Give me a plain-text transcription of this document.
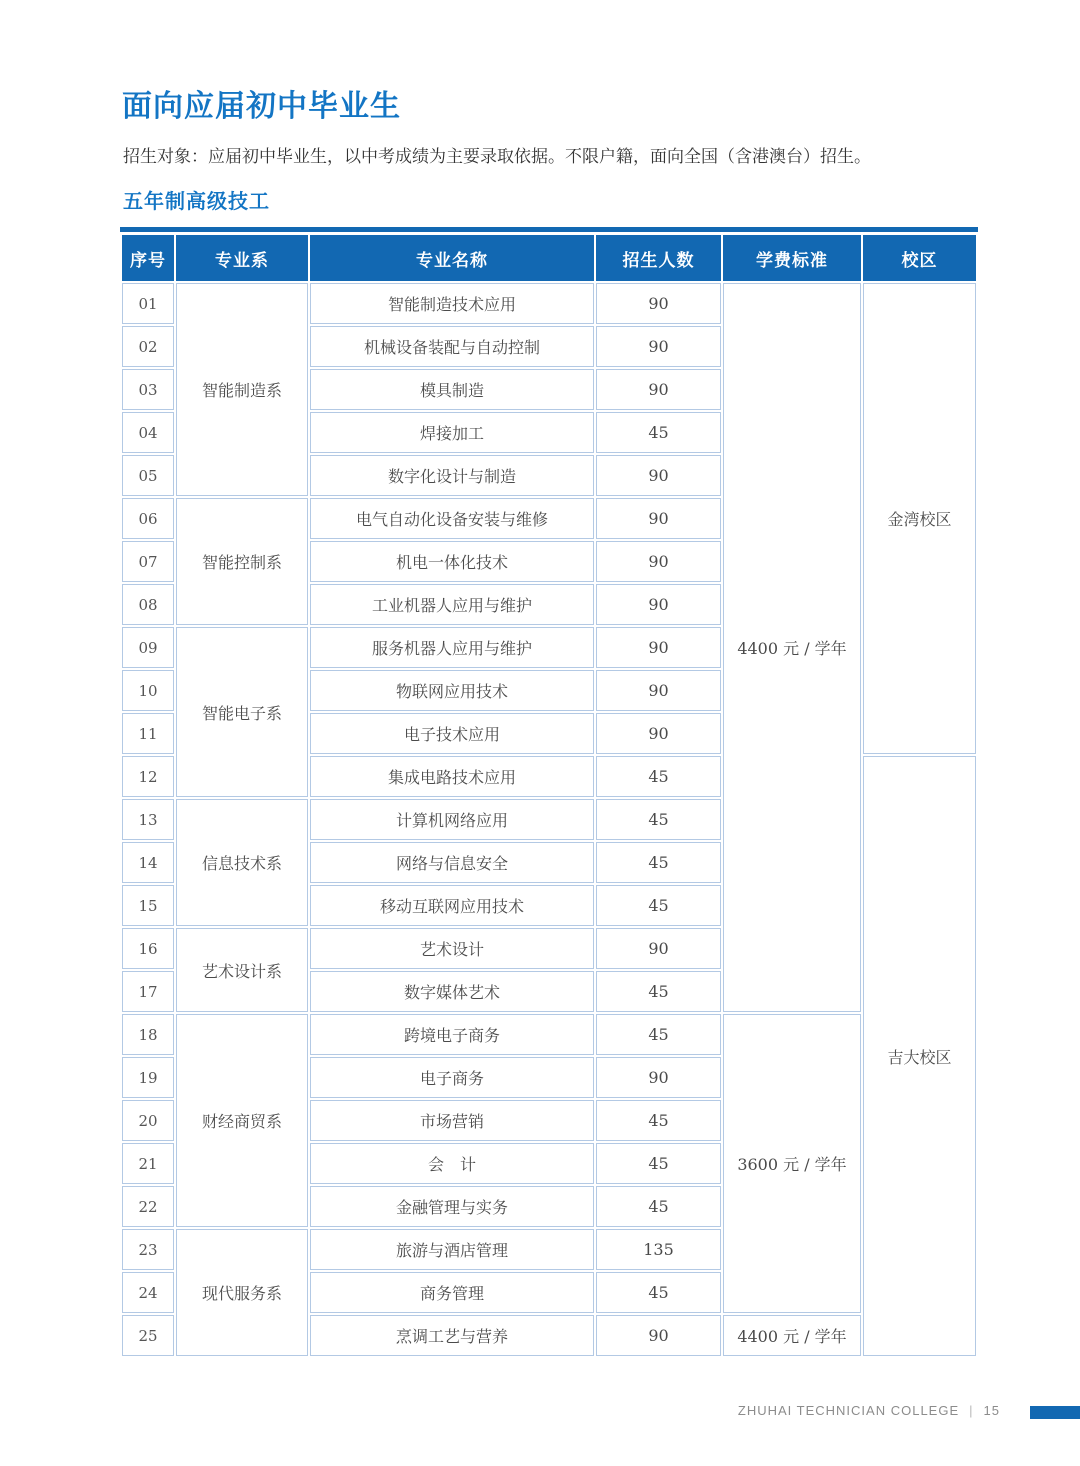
面向应届初中毕业生

招生对象：应届初中毕业生，以中考成绩为主要录取依据。不限户籍，面向全国（含港澳台）招生。

五年制高级技工
序号	专业系	专业名称	招生人数	学费标准	校区
01	智能制造系	智能制造技术应用	90	4400 元 / 学年	金湾校区
02		机械设备装配与自动控制	90		
03		模具制造	90		
04		焊接加工	45		
05		数字化设计与制造	90		
06	智能控制系	电气自动化设备安装与维修	90		
07		机电一体化技术	90		
08		工业机器人应用与维护	90		
09	智能电子系	服务机器人应用与维护	90		
10		物联网应用技术	90		
11		电子技术应用	90		
12		集成电路技术应用	45		吉大校区
13	信息技术系	计算机网络应用	45		
14		网络与信息安全	45		
15		移动互联网应用技术	45		
16	艺术设计系	艺术设计	90		
17		数字媒体艺术	45		
18	财经商贸系	跨境电子商务	45	3600 元 / 学年	
19		电子商务	90		
20		市场营销	45		
21		会　计	45		
22		金融管理与实务	45		
23	现代服务系	旅游与酒店管理	135		
24		商务管理	45		
25		烹调工艺与营养	90	4400 元 / 学年	
ZHUHAI TECHNICIAN COLLEGE | 15
